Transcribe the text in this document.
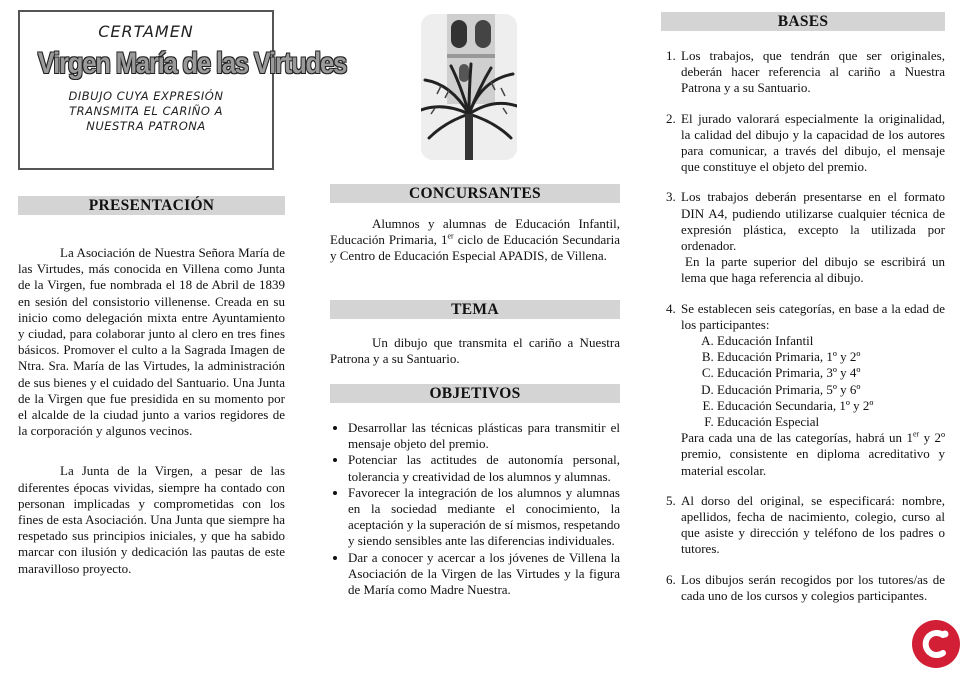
CERTAMEN
Virgen María de las Virtudes
DIBUJO CUYA EXPRESIÓN
TRANSMITA EL CARIÑO A
NUESTRA PATRONA
PRESENTACIÓN

La Asociación de Nuestra Señora María de las Virtudes, más conocida en Villena como Junta de la Virgen, fue nombrada el 18 de Abril de 1839 en sesión del consistorio villenense. Creada en su inicio como delegación mixta entre Ayuntamiento y ciudad, para colaborar junto al clero en tres fines básicos. Promover el culto a la Sagrada Imagen de Ntra. Sra. María de las Virtudes, la administración de sus bienes y el cuidado del Santuario. Una Junta de la Virgen que fue presidida en su momento por el alcalde de la ciudad junto a varios regidores de la corporación y algunos vecinos.

La Junta de la Virgen, a pesar de las diferentes épocas vividas, siempre ha contado con personan implicadas y comprometidas con los fines de esta Asociación. Una Junta que siempre ha respetado sus principios iniciales, y que ha sabido marcar con ilusión y dedicación las pautas de este maravilloso proyecto.

CONCURSANTES

Alumnos y alumnas de Educación Infantil, Educación Primaria, 1er ciclo de Educación Secundaria y Centro de Educación Especial APADIS, de Villena.

TEMA

Un dibujo que transmita el cariño a Nuestra Patrona y a su Santuario.

OBJETIVOS
• Desarrollar las técnicas plásticas para transmitir el mensaje objeto del premio.
• Potenciar las actitudes de autonomía personal, tolerancia y creatividad de los alumnos y alumnas.
• Favorecer la integración de los alumnos y alumnas en la sociedad mediante el conocimiento, la aceptación y la superación de sí mismos, respetando y siendo sensibles ante las diferencias individuales.
• Dar a conocer y acercar a los jóvenes de Villena la Asociación de la Virgen de las Virtudes y la figura de María como Madre Nuestra.
BASES
1. Los trabajos, que tendrán que ser originales, deberán hacer referencia al cariño a Nuestra Patrona y a su Santuario.
2. El jurado valorará especialmente la originalidad, la calidad del dibujo y la capacidad de los autores para comunicar, a través del dibujo, el mensaje que constituye el objeto del premio.
3. Los trabajos deberán presentarse en el formato DIN A4, pudiendo utilizarse cualquier técnica de expresión plástica, excepto la utilizada por ordenador.
En la parte superior del dibujo se escribirá un lema que haga referencia al dibujo.
4. Se establecen seis categorías, en base a la edad de los participantes:
A. Educación Infantil
B. Educación Primaria, 1º y 2º
C. Educación Primaria, 3º y 4º
D. Educación Primaria, 5º y 6º
E. Educación Secundaria, 1º y 2º
F. Educación Especial
Para cada una de las categorías, habrá un 1er y 2º premio, consistente en diploma acreditativo y material escolar.
5. Al dorso del original, se especificará: nombre, apellidos, fecha de nacimiento, colegio, curso al que asiste y dirección y teléfono de los padres o tutores.
6. Los dibujos serán recogidos por los tutores/as de cada uno de los cursos y colegios participantes.
